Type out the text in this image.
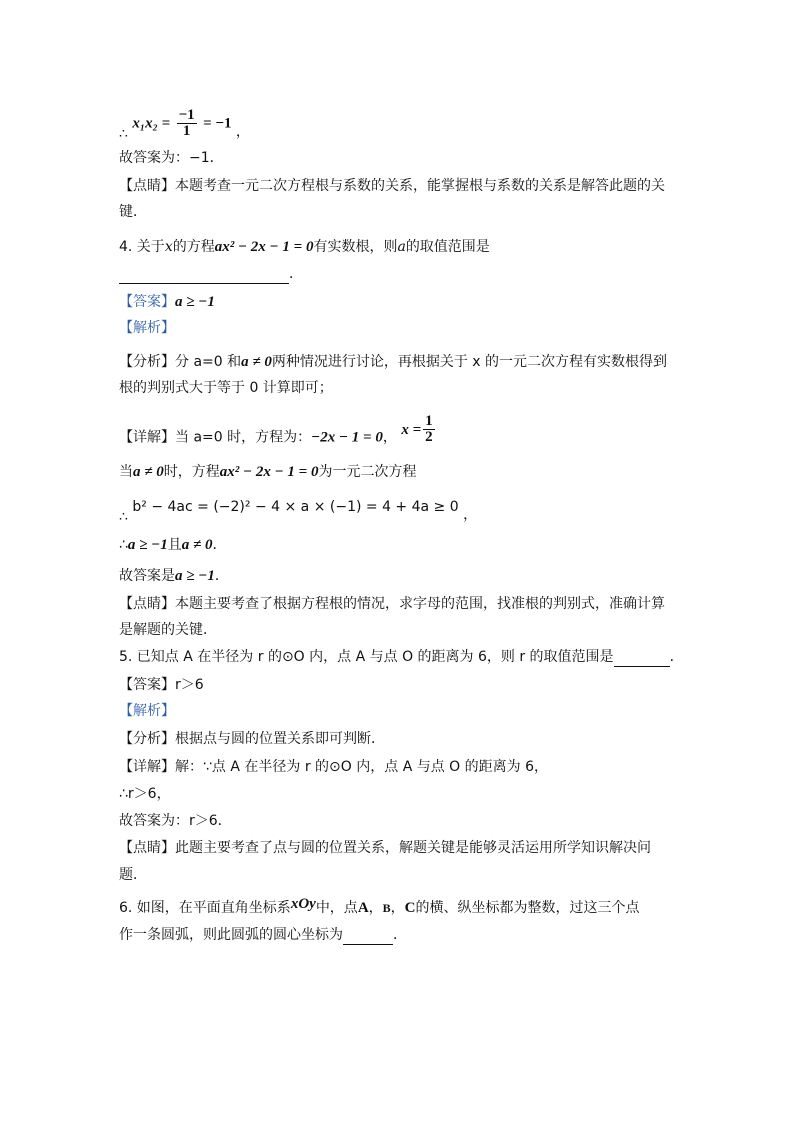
∴ $x_1x_2 = \frac{-1}{1} = -1$ ，
故答案为：−1．
【点睛】本题考查一元二次方程根与系数的关系，能掌握根与系数的关系是解答此题的关
键．
4. 关于x的方程ax² − 2x − 1 = 0有实数根，则a的取值范围是
．
【答案】a ≥ −1
【解析】
【分析】分 a=0 和a ≠ 0两种情况进行讨论，再根据关于 x 的一元二次方程有实数根得到
根的判别式大于等于 0 计算即可；
【详解】当 a=0 时，方程为：−2x − 1 = 0， $x = \frac{1}{2}$
当a ≠ 0时，方程ax² − 2x − 1 = 0为一元二次方程
∴ b² − 4ac = (−2)² − 4 × a × (−1) = 4 + 4a ≥ 0 ，
∴a ≥ −1且a ≠ 0．
故答案是a ≥ −1．
【点睛】本题主要考查了根据方程根的情况，求字母的范围，找准根的判别式，准确计算
是解题的关键．
5. 已知点 A 在半径为 r 的⊙O 内，点 A 与点 O 的距离为 6，则 r 的取值范围是	．
【答案】r＞6
【解析】
【分析】根据点与圆的位置关系即可判断．
【详解】解：∵点 A 在半径为 r 的⊙O 内，点 A 与点 O 的距离为 6，
∴r＞6，
故答案为：r＞6．
【点睛】此题主要考查了点与圆的位置关系，解题关键是能够灵活运用所学知识解决问
题．
6. 如图，在平面直角坐标系xOy中，点A，B，C的横、纵坐标都为整数，过这三个点
作一条圆弧，则此圆弧的圆心坐标为	．
